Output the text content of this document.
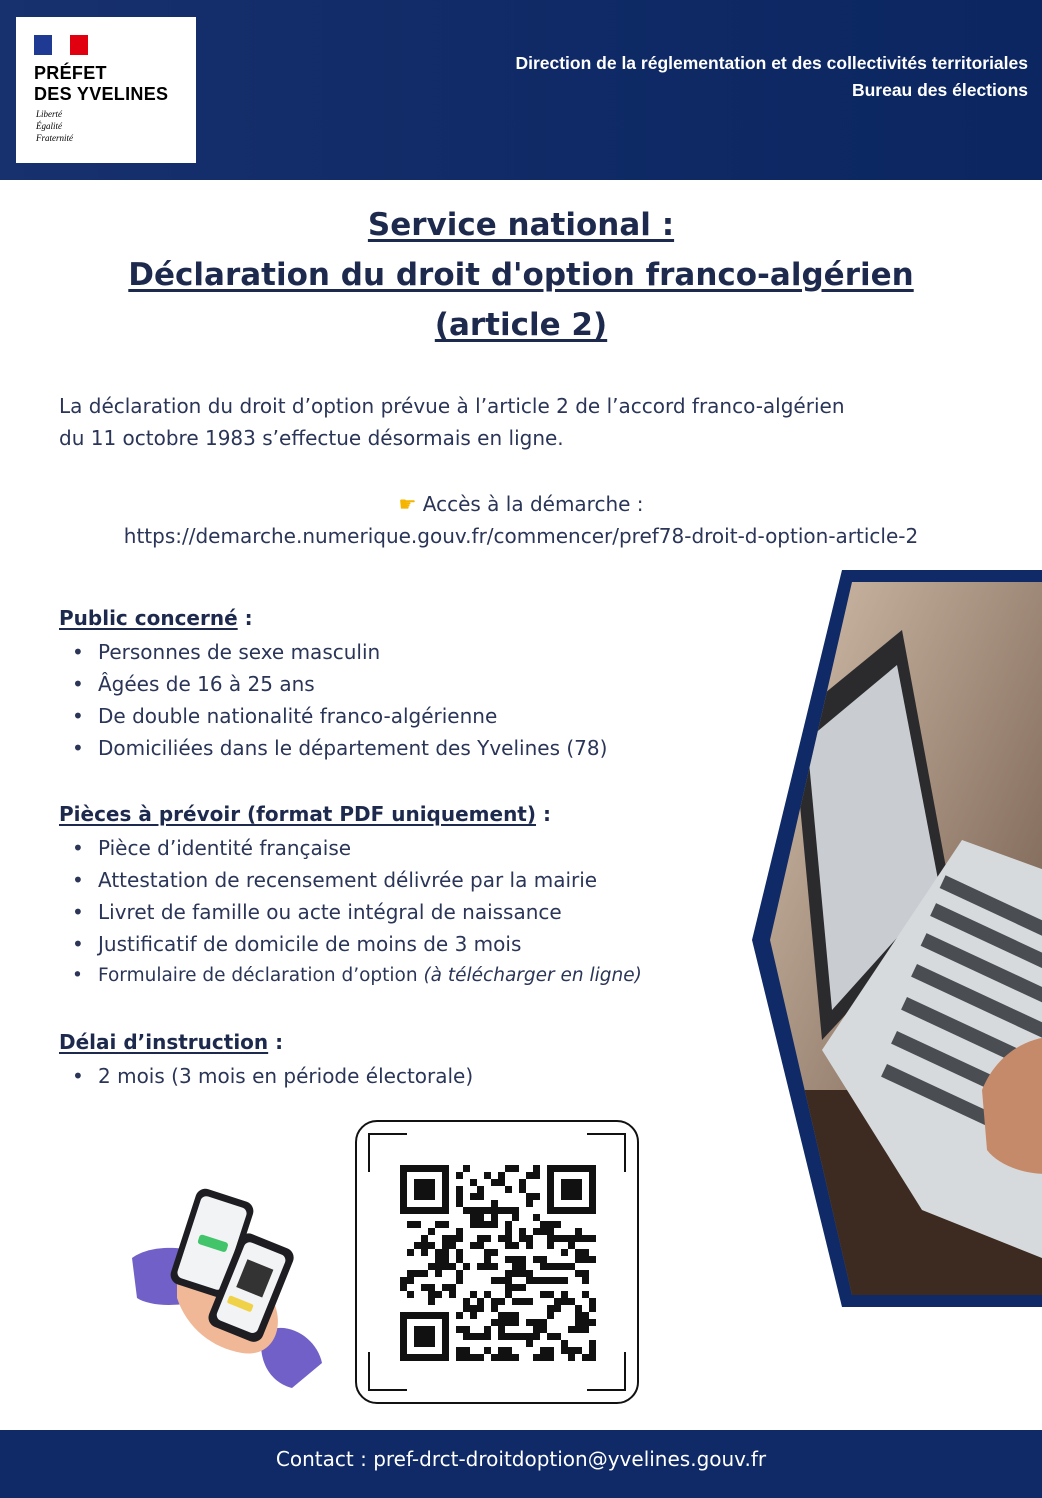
PRÉFET
DES YVELINES
Liberté
Égalité
Fraternité
Direction de la réglementation et des collectivités territoriales
Bureau des élections
Service national :
Déclaration du droit d'option franco-algérien
(article 2)
La déclaration du droit d’option prévue à l’article 2 de l’accord franco-algérien
du 11 octobre 1983 s’effectue désormais en ligne.
☛ Accès à la démarche :
https://demarche.numerique.gouv.fr/commencer/pref78-droit-d-option-article-2
Public concerné :
• Personnes de sexe masculin
• Âgées de 16 à 25 ans
• De double nationalité franco-algérienne
• Domiciliées dans le département des Yvelines (78)
Pièces à prévoir (format PDF uniquement) :
• Pièce d’identité française
• Attestation de recensement délivrée par la mairie
• Livret de famille ou acte intégral de naissance
• Justificatif de domicile de moins de 3 mois
• Formulaire de déclaration d’option (à télécharger en ligne)
Délai d’instruction :
• 2 mois (3 mois en période électorale)
Contact : pref-drct-droitdoption@yvelines.gouv.fr
